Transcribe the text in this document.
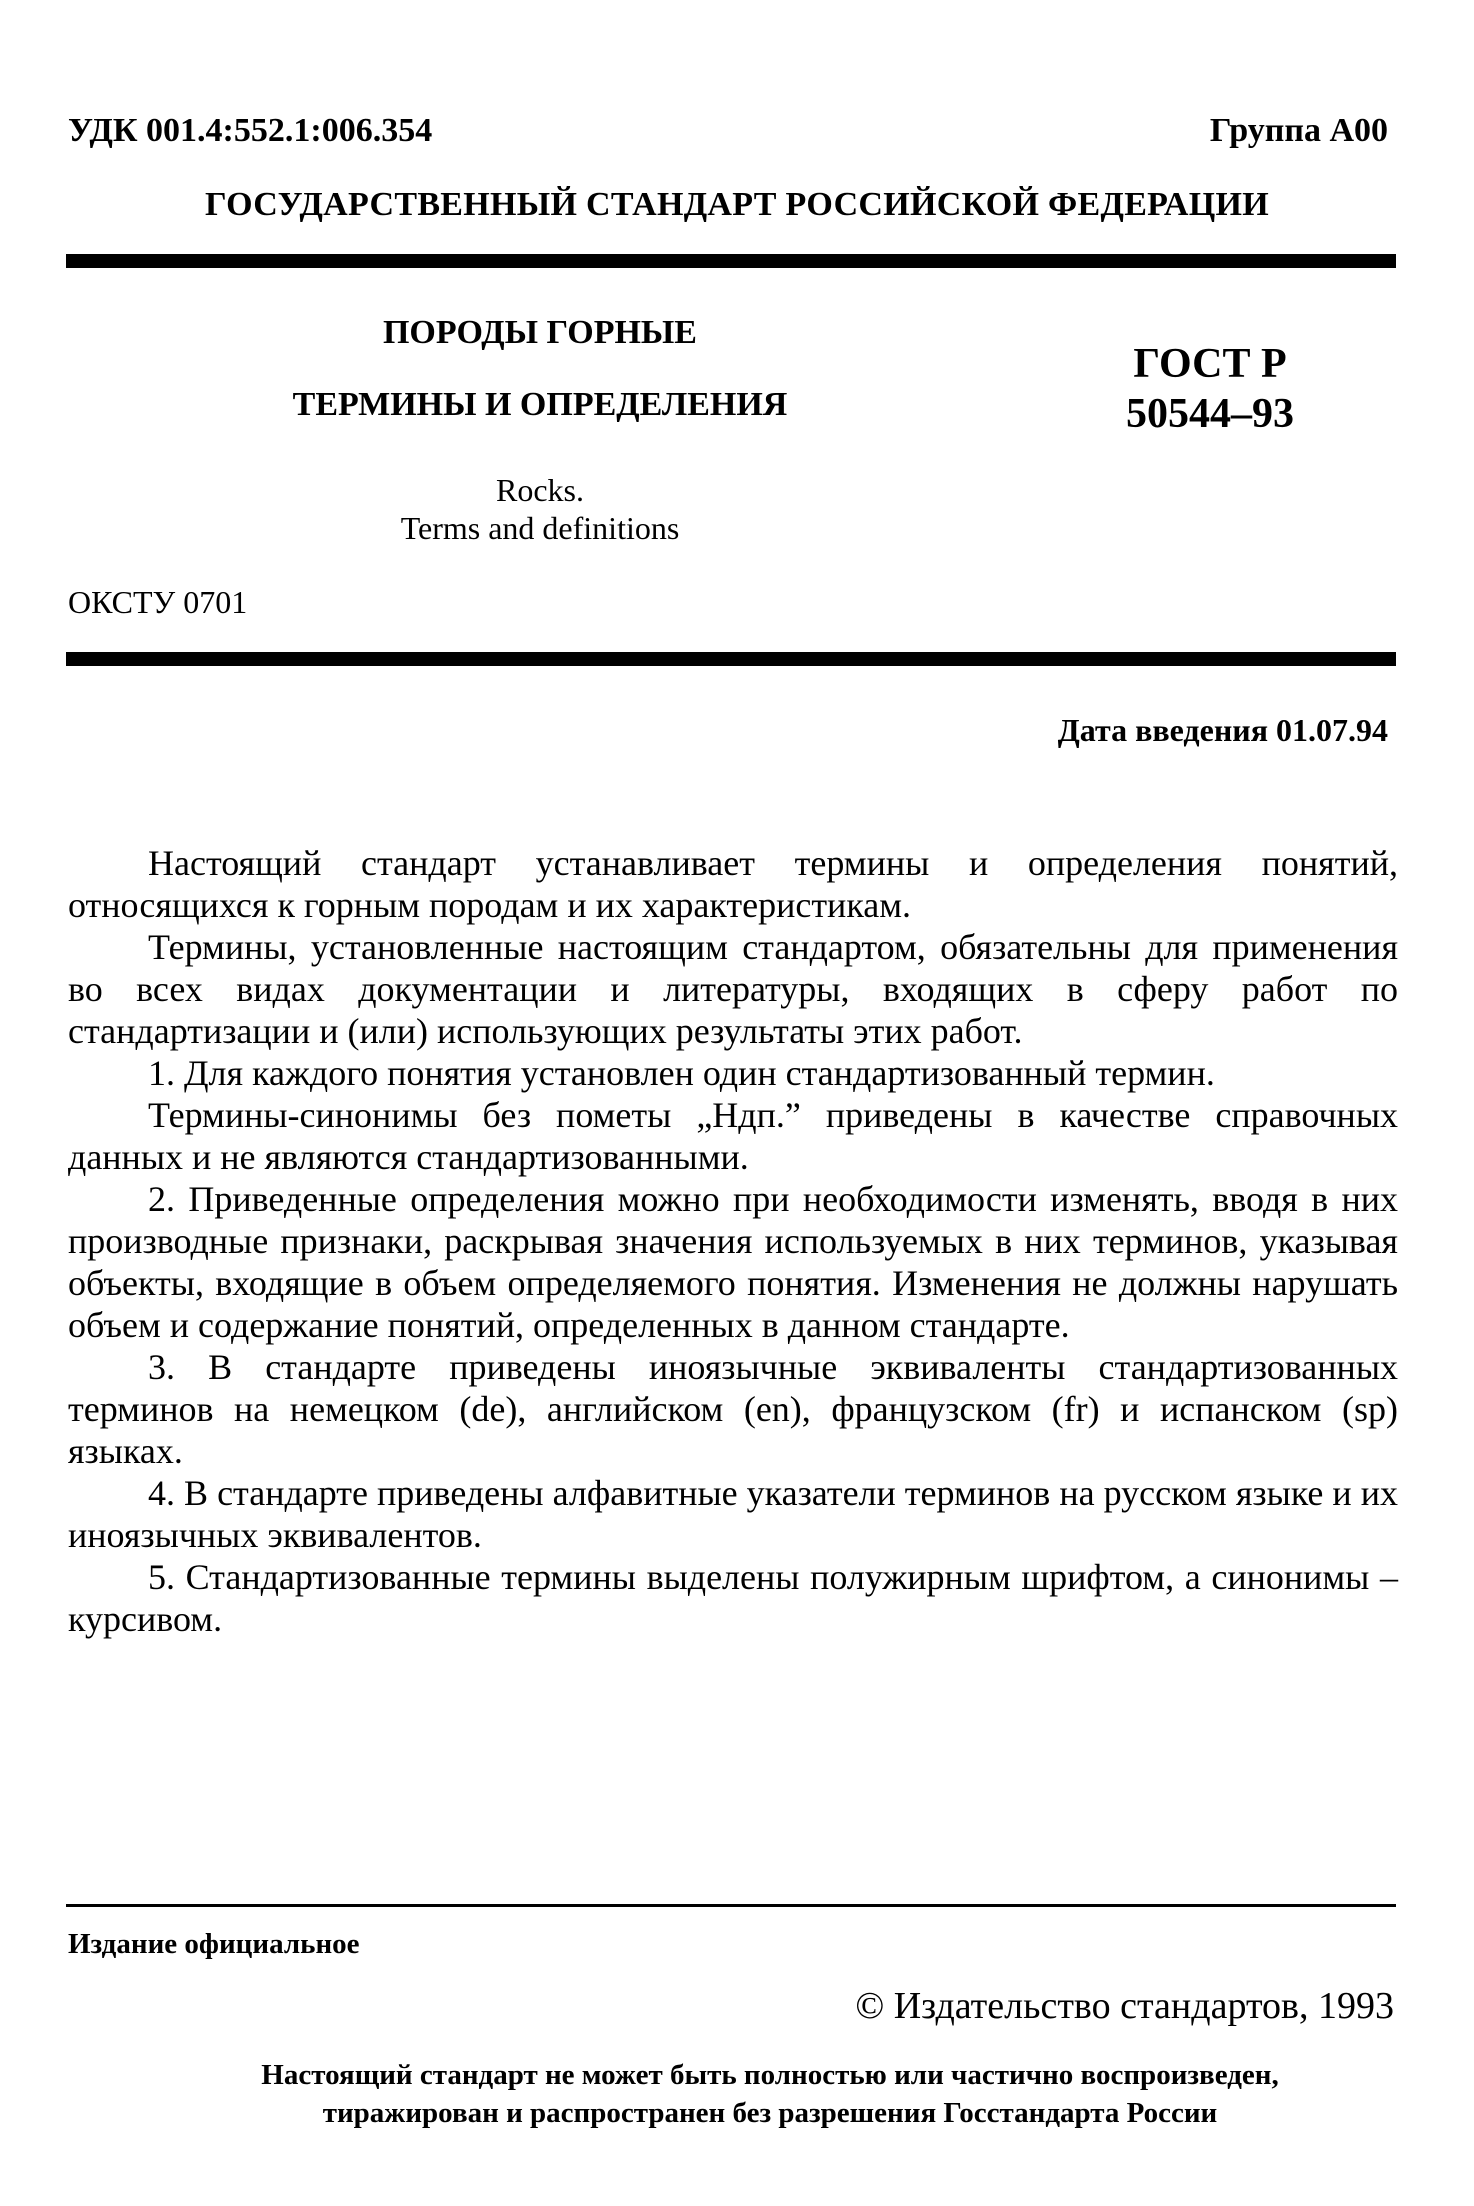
УДК 001.4:552.1:006.354	Группа А00
ГОСУДАРСТВЕННЫЙ СТАНДАРТ РОССИЙСКОЙ ФЕДЕРАЦИИ
ПОРОДЫ ГОРНЫЕ
ТЕРМИНЫ И ОПРЕДЕЛЕНИЯ
ГОСТ Р
50544–93
Rocks.
Terms and definitions
ОКСТУ 0701
Дата введения 01.07.94

Настоящий стандарт устанавливает термины и определения понятий, относящихся к горным породам и их характеристикам.

Термины, установленные настоящим стандартом, обязательны для применения во всех видах документации и литературы, входящих в сферу работ по стандартизации и (или) использующих результаты этих работ.

1. Для каждого понятия установлен один стандартизованный термин.

Термины-синонимы без пометы „Ндп.” приведены в качестве справочных данных и не являются стандартизованными.

2. Приведенные определения можно при необходимости изменять, вводя в них производные признаки, раскрывая значения используемых в них терминов, указывая объекты, входящие в объем определяемого понятия. Изменения не должны нарушать объем и содержание понятий, определенных в данном стандарте.

3. В стандарте приведены иноязычные эквиваленты стандартизованных терминов на немецком (de), английском (en), французском (fr) и испанском (sp) языках.

4. В стандарте приведены алфавитные указатели терминов на русском языке и их иноязычных эквивалентов.

5. Стандартизованные термины выделены полужирным шрифтом, а синонимы – курсивом.

Издание официальное
© Издательство стандартов, 1993
Настоящий стандарт не может быть полностью или частично воспроизведен,
тиражирован и распространен без разрешения Госстандарта России
